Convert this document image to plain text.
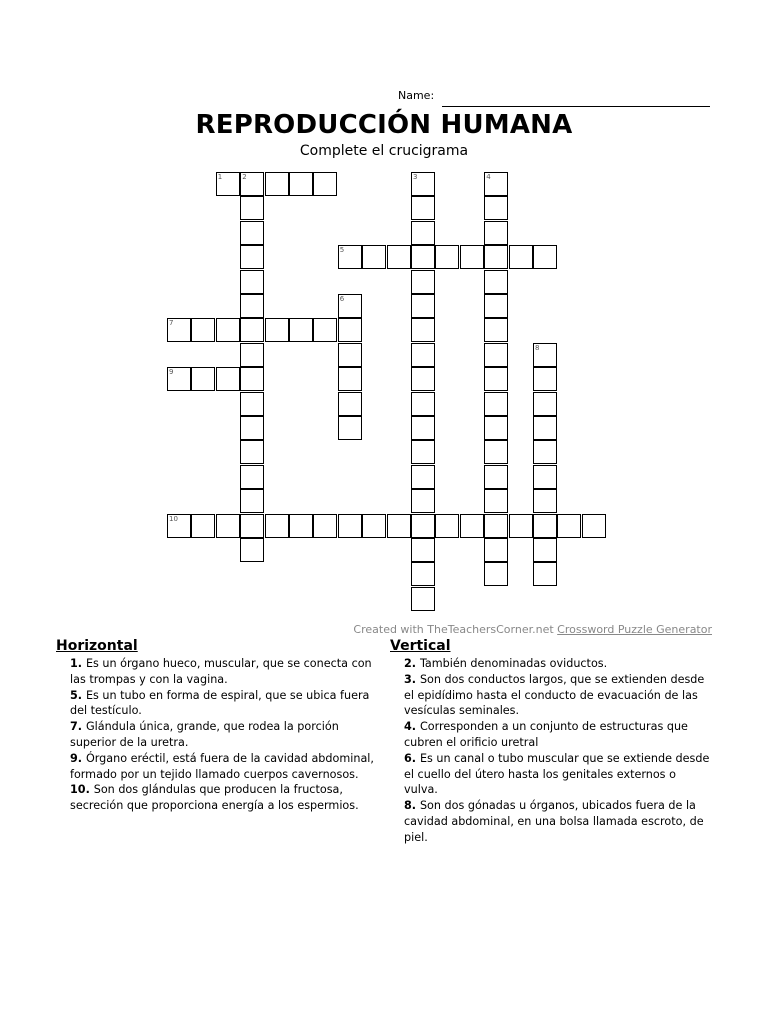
Name:
REPRODUCCIÓN HUMANA
Complete el crucigrama
1	2	3	4
5
6
7
8
9
10
Created with TheTeachersCorner.net Crossword Puzzle Generator
Horizontal
1. Es un órgano hueco, muscular, que se conecta con las trompas y con la vagina.
5. Es un tubo en forma de espiral, que se ubica fuera del testículo.
7. Glándula única, grande, que rodea la porción superior de la uretra.
9. Órgano eréctil, está fuera de la cavidad abdominal, formado por un tejido llamado cuerpos cavernosos.
10. Son dos glándulas que producen la fructosa, secreción que proporciona energía a los espermios.
Vertical
2. También denominadas oviductos.
3. Son dos conductos largos, que se extienden desde el epidídimo hasta el conducto de evacuación de las vesículas seminales.
4. Corresponden a un conjunto de estructuras que cubren el orificio uretral
6. Es un canal o tubo muscular que se extiende desde el cuello del útero hasta los genitales externos o vulva.
8. Son dos gónadas u órganos, ubicados fuera de la cavidad abdominal, en una bolsa llamada escroto, de piel.
